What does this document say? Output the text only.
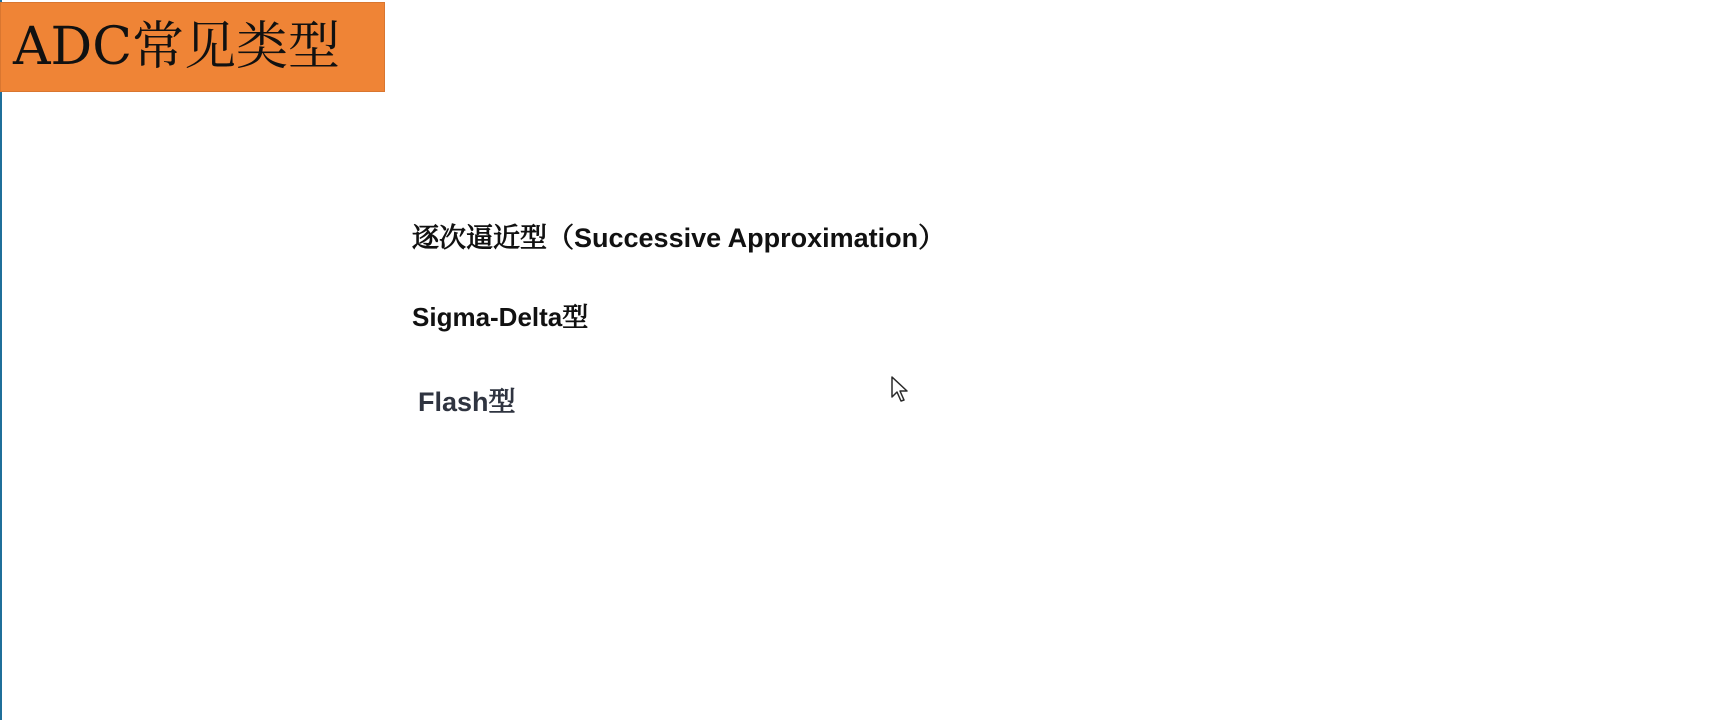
ADC常见类型
逐次逼近型（Successive Approximation）
Sigma-Delta型
Flash型
